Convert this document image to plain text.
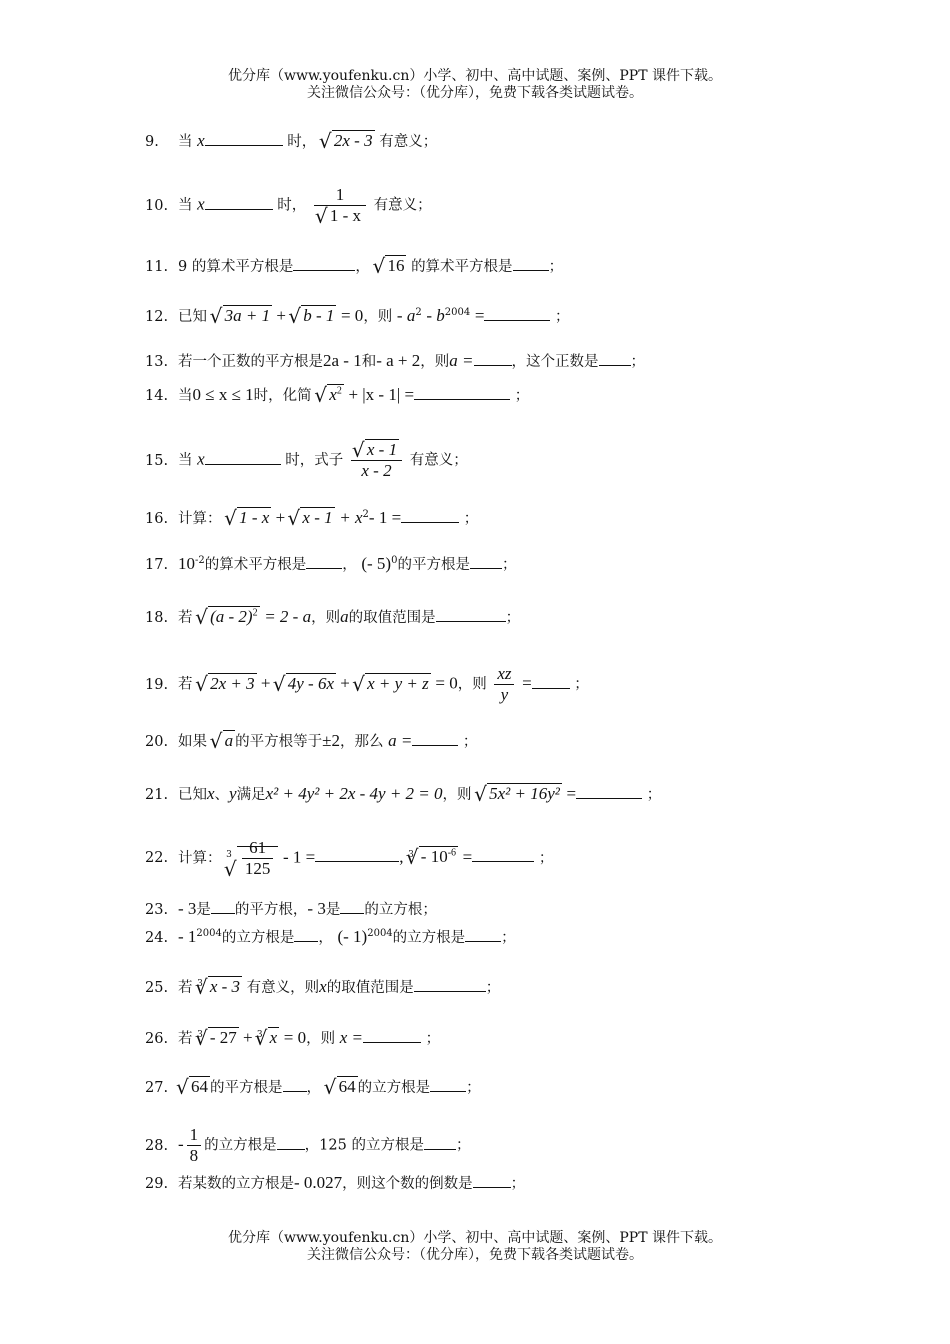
优分库（www.youfenku.cn）小学、初中、高中试题、案例、PPT 课件下载。
关注微信公众号：（优分库），免费下载各类试题试卷。
9. 当 x	时， √ 2x - 3 有意义；
10. 当 x	时， 1
√ 1 - x 有意义；
11. 9 的算术平方根是	， √ 16 的算术平方根是 ；
12. 已知 √ 3a + 1 + √ b - 1 = 0，则 - $a^2 - b^{2004}$ =	；
13. 若一个正数的平方根是2a - 1和- a + 2，则a =	，这个正数是 ；
14. 当0 ≤ x ≤ 1时，化简 √ $x^2 + |x - 1|$ =	；
15. 当 x	时，式子
√ $\frac{x - 1}{x - 2}$ 有意义；
16. 计算： √ 1 - x + √ $x - 1 + x^2-$ 1 =	；
17. $10^{-2}$的算术平方根是 ， (- 5)$^0$的平方根是 ；
18. 若 √ (a - 2)$^2$ = 2 - a，则a的取值范围是	；
19. 若 √ 2x + 3 + √ 4y - 6x + √ x + y + z = 0，则 $\frac{xz}{y}$ =	；
20. 如果 √ a 的平方根等于±2，那么 a =	；
21. 已知x、y满足x² + 4y² + 2x - 4y + 2 = 0，则 √ 5x² + 16y² =	；
22. 计算： $^3$
√ $\frac{61}{125} - 1$ =	, $^3√ - 10^{-6}$ =	；
23. - 3是 的平方根，- 3是 的立方根；
24. - $1^{2004}$的立方根是 ， (- 1)$^{2004}$的立方根是 ；
25. 若 $^3$√ x - 3 有意义，则x的取值范围是	；
26. 若 $^3$√ - 27 + $^3$√ x = 0，则 x =	；
27.√ 64 的平方根是 ， √ 64 的立方根是 ；
28. - $\frac{1}{8}$ 的立方根是 ，125 的立方根是 ；
29. 若某数的立方根是- 0.027，则这个数的倒数是	；
优分库（www.youfenku.cn）小学、初中、高中试题、案例、PPT 课件下载。
关注微信公众号：（优分库），免费下载各类试题试卷。
